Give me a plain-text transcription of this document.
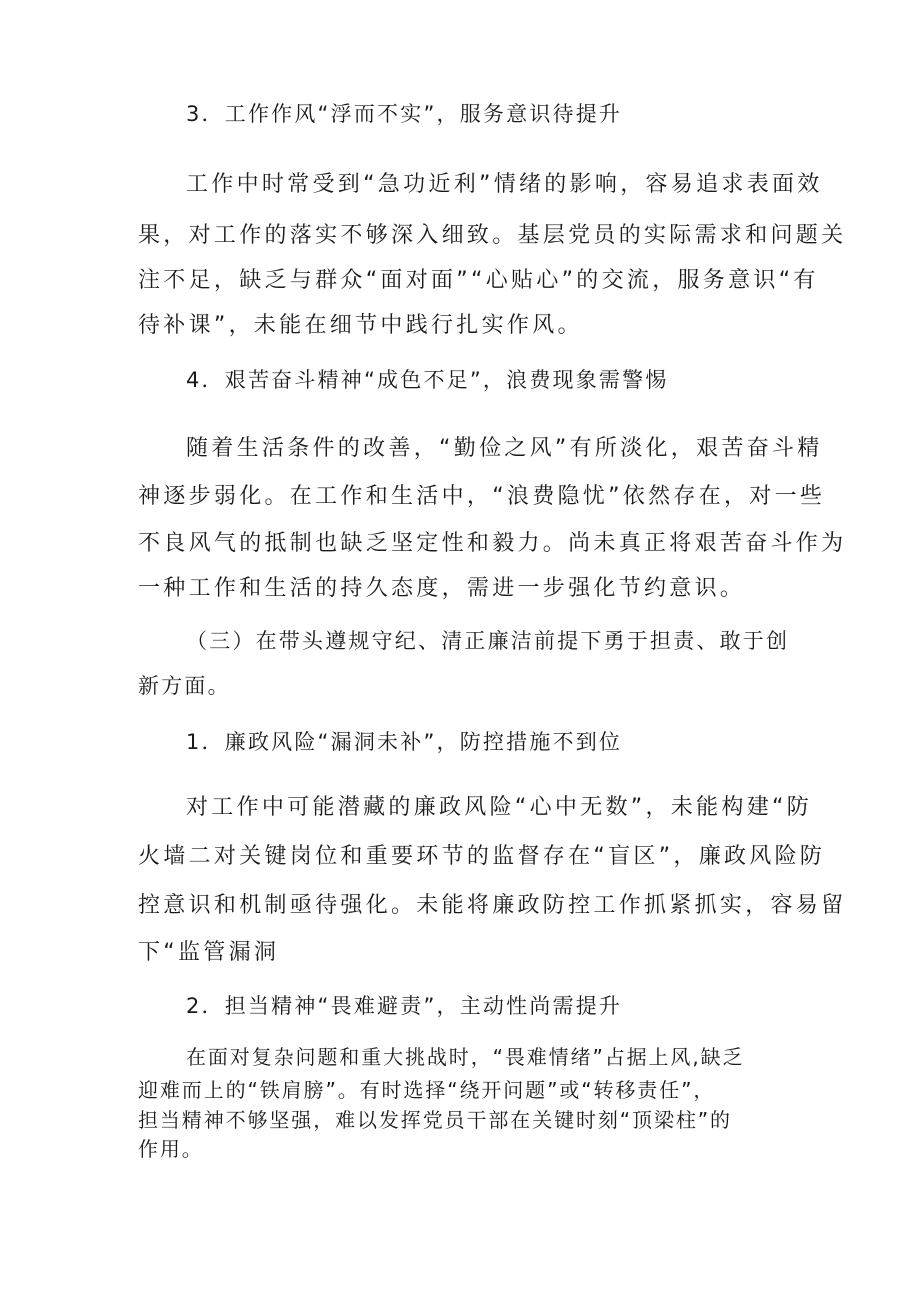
3．工作作风“浮而不实”，服务意识待提升

工作中时常受到“急功近利”情绪的影响，容易追求表面效

果，对工作的落实不够深入细致。基层党员的实际需求和问题关

注不足，缺乏与群众“面对面”“心贴心”的交流，服务意识“有

待补课”，未能在细节中践行扎实作风。

4．艰苦奋斗精神“成色不足”，浪费现象需警惕

随着生活条件的改善，“勤俭之风”有所淡化，艰苦奋斗精

神逐步弱化。在工作和生活中，“浪费隐忧”依然存在，对一些

不良风气的抵制也缺乏坚定性和毅力。尚未真正将艰苦奋斗作为

一种工作和生活的持久态度，需进一步强化节约意识。

（三）在带头遵规守纪、清正廉洁前提下勇于担责、敢于创

新方面。

1．廉政风险“漏洞未补”，防控措施不到位

对工作中可能潜藏的廉政风险“心中无数”，未能构建“防

火墙二对关键岗位和重要环节的监督存在“盲区”，廉政风险防

控意识和机制亟待强化。未能将廉政防控工作抓紧抓实，容易留

下“监管漏洞

2．担当精神“畏难避责”，主动性尚需提升

在面对复杂问题和重大挑战时，“畏难情绪”占据上风,缺乏

迎难而上的“铁肩膀”。有时选择“绕开问题”或“转移责任”，

担当精神不够坚强，难以发挥党员干部在关键时刻“顶梁柱”的

作用。
